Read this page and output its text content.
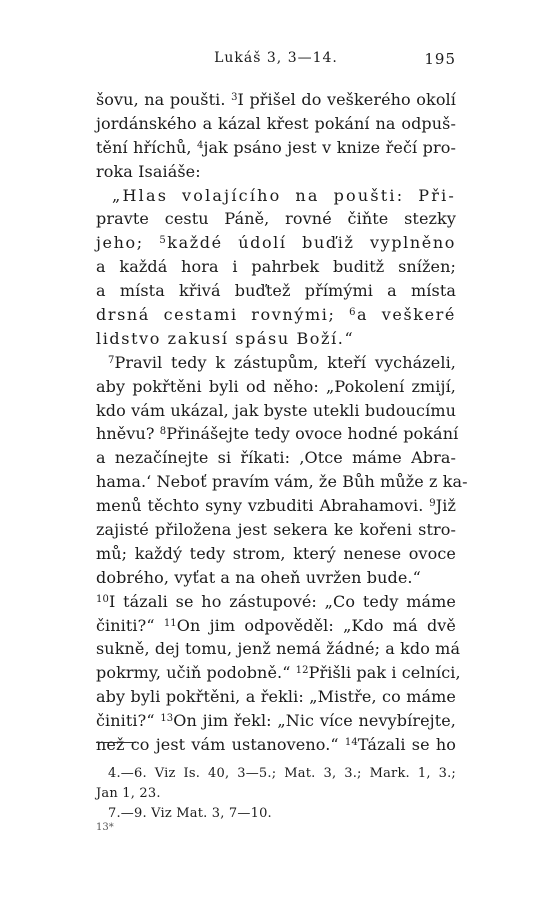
Lukáš 3, 3—14.	195
šovu, na poušti. $^3$I přišel do veškerého okolí
jordánského a kázal křest pokání na odpuš-
tění hříchů, $^4$jak psáno jest v knize řečí pro-
roka Isaiáše:
„Hlas volajícího na poušti: Při-
pravte cestu Páně, rovné čiňte stezky
jeho; $^5$každé údolí buďiž vyplněno
a každá hora i pahrbek buditž snížen;
a místa křivá buďtež přímými a místa
drsná cestami rovnými; $^6$a veškeré
lidstvo zakusí spásu Boží.“
$^7$Pravil tedy k zástupům, kteří vycházeli,
aby pokřtěni byli od něho: „Pokolení zmijí,
kdo vám ukázal, jak byste utekli budoucímu
hněvu? $^8$Přinášejte tedy ovoce hodné pokání
a nezačínejte si říkati: ‚Otce máme Abra-
hama.‘ Neboť pravím vám, že Bůh může z ka-
menů těchto syny vzbuditi Abrahamovi. $^9$Již
zajisté přiložena jest sekera ke kořeni stro-
mů; každý tedy strom, který nenese ovoce
dobrého, vyťat a na oheň uvržen bude.“
$^{10}$I tázali se ho zástupové: „Co tedy máme
činiti?“ $^{11}$On jim odpověděl: „Kdo má dvě
sukně, dej tomu, jenž nemá žádné; a kdo má
pokrmy, učiň podobně.“ $^{12}$Přišli pak i celníci,
aby byli pokřtěni, a řekli: „Mistře, co máme
činiti?“ $^{13}$On jim řekl: „Nic více nevybírejte,
než co jest vám ustanoveno.“ $^{14}$Tázali se ho
4.—6. Viz Is. 40, 3—5.; Mat. 3, 3.; Mark. 1, 3.;
Jan 1, 23.
7.—9. Viz Mat. 3, 7—10.
13*
